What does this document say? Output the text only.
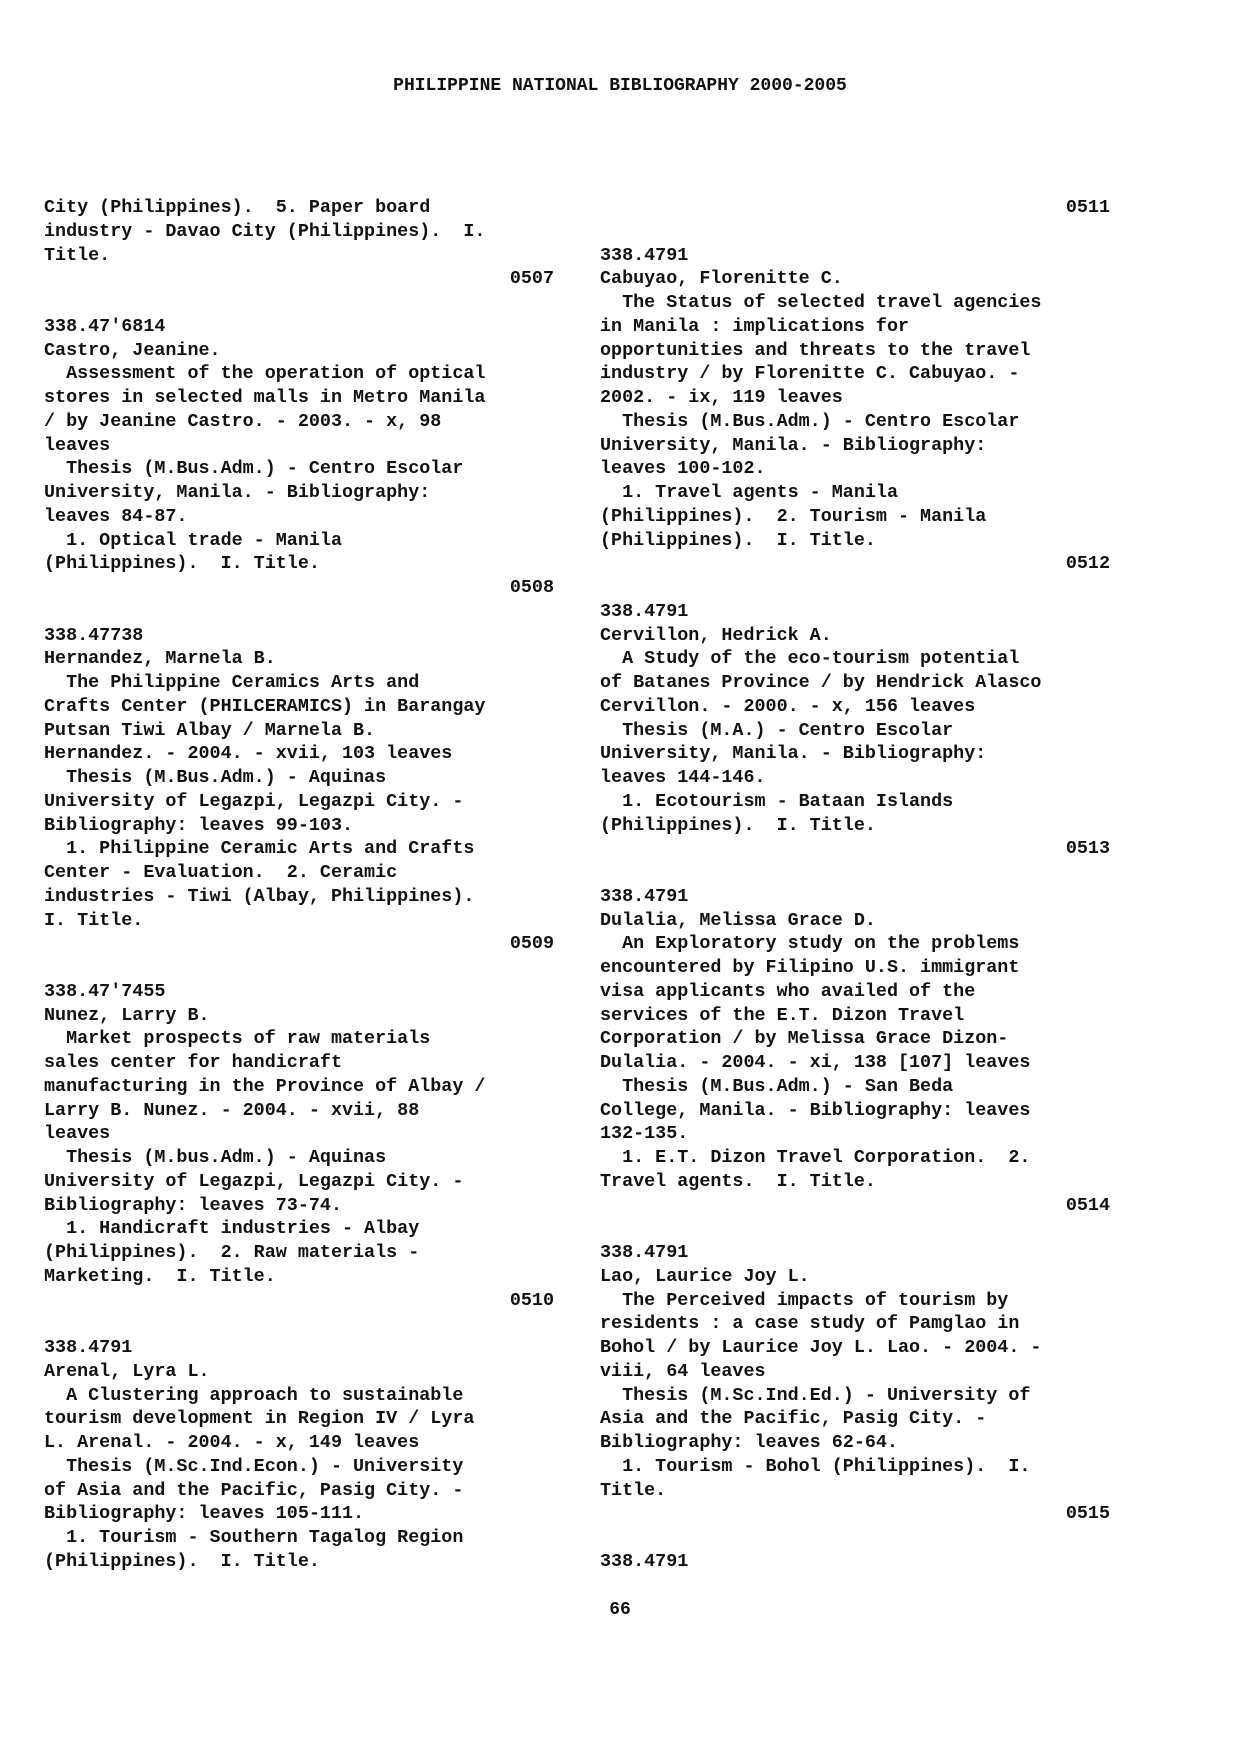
PHILIPPINE NATIONAL BIBLIOGRAPHY 2000-2005
City (Philippines).  5. Paper board
industry - Davao City (Philippines).  I.
Title.
0507
338.47'6814
Castro, Jeanine.
Assessment of the operation of optical
stores in selected malls in Metro Manila
/ by Jeanine Castro. - 2003. - x, 98
leaves
Thesis (M.Bus.Adm.) - Centro Escolar
University, Manila. - Bibliography:
leaves 84-87.
1. Optical trade - Manila
(Philippines).  I. Title.
0508
338.47738
Hernandez, Marnela B.
The Philippine Ceramics Arts and
Crafts Center (PHILCERAMICS) in Barangay
Putsan Tiwi Albay / Marnela B.
Hernandez. - 2004. - xvii, 103 leaves
Thesis (M.Bus.Adm.) - Aquinas
University of Legazpi, Legazpi City. -
Bibliography: leaves 99-103.
1. Philippine Ceramic Arts and Crafts
Center - Evaluation.  2. Ceramic
industries - Tiwi (Albay, Philippines).
I. Title.
0509
338.47'7455
Nunez, Larry B.
Market prospects of raw materials
sales center for handicraft
manufacturing in the Province of Albay /
Larry B. Nunez. - 2004. - xvii, 88
leaves
Thesis (M.bus.Adm.) - Aquinas
University of Legazpi, Legazpi City. -
Bibliography: leaves 73-74.
1. Handicraft industries - Albay
(Philippines).  2. Raw materials -
Marketing.  I. Title.
0510
338.4791
Arenal, Lyra L.
A Clustering approach to sustainable
tourism development in Region IV / Lyra
L. Arenal. - 2004. - x, 149 leaves
Thesis (M.Sc.Ind.Econ.) - University
of Asia and the Pacific, Pasig City. -
Bibliography: leaves 105-111.
1. Tourism - Southern Tagalog Region
(Philippines).  I. Title.
0511
338.4791
Cabuyao, Florenitte C.
The Status of selected travel agencies
in Manila : implications for
opportunities and threats to the travel
industry / by Florenitte C. Cabuyao. -
2002. - ix, 119 leaves
Thesis (M.Bus.Adm.) - Centro Escolar
University, Manila. - Bibliography:
leaves 100-102.
1. Travel agents - Manila
(Philippines).  2. Tourism - Manila
(Philippines).  I. Title.
0512
338.4791
Cervillon, Hedrick A.
A Study of the eco-tourism potential
of Batanes Province / by Hendrick Alasco
Cervillon. - 2000. - x, 156 leaves
Thesis (M.A.) - Centro Escolar
University, Manila. - Bibliography:
leaves 144-146.
1. Ecotourism - Bataan Islands
(Philippines).  I. Title.
0513
338.4791
Dulalia, Melissa Grace D.
An Exploratory study on the problems
encountered by Filipino U.S. immigrant
visa applicants who availed of the
services of the E.T. Dizon Travel
Corporation / by Melissa Grace Dizon-
Dulalia. - 2004. - xi, 138 [107] leaves
Thesis (M.Bus.Adm.) - San Beda
College, Manila. - Bibliography: leaves
132-135.
1. E.T. Dizon Travel Corporation.  2.
Travel agents.  I. Title.
0514
338.4791
Lao, Laurice Joy L.
The Perceived impacts of tourism by
residents : a case study of Pamglao in
Bohol / by Laurice Joy L. Lao. - 2004. -
viii, 64 leaves
Thesis (M.Sc.Ind.Ed.) - University of
Asia and the Pacific, Pasig City. -
Bibliography: leaves 62-64.
1. Tourism - Bohol (Philippines).  I.
Title.
0515
338.4791
66
